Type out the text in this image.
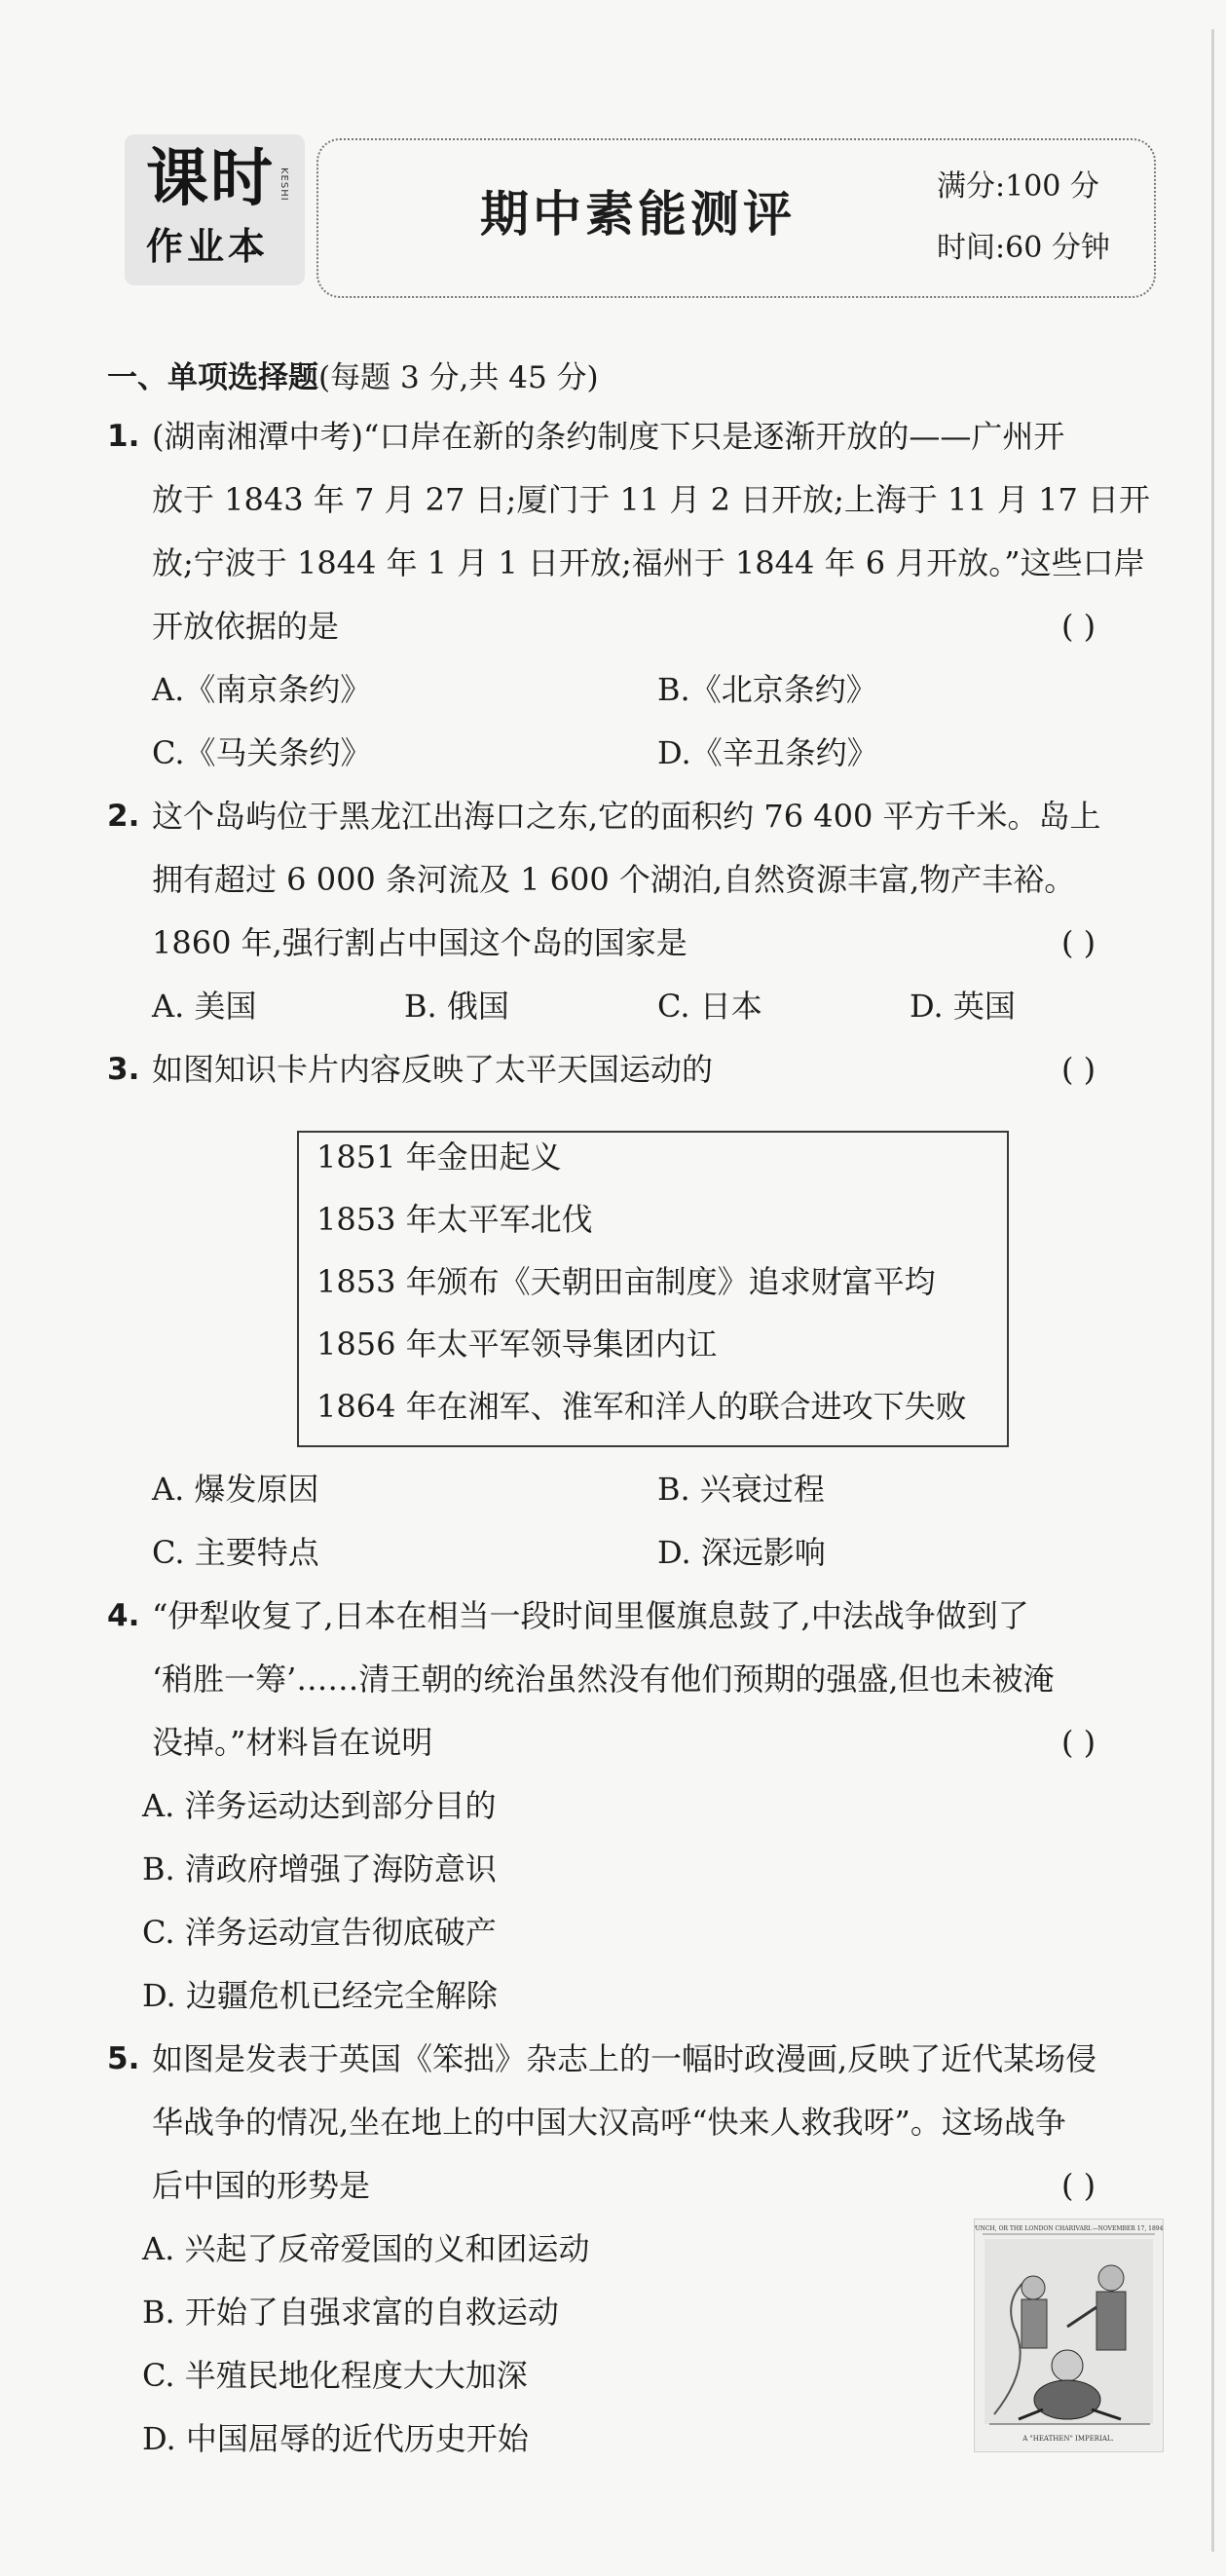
课时
作业本
KESHI
期中素能测评	满分:100 分
时间:60 分钟
一、单项选择题(每题 3 分,共 45 分)
1. (湖南湘潭中考)“口岸在新的条约制度下只是逐渐开放的——广州开
放于 1843 年 7 月 27 日;厦门于 11 月 2 日开放;上海于 11 月 17 日开
放;宁波于 1844 年 1 月 1 日开放;福州于 1844 年 6 月开放。”这些口岸
开放依据的是	( )
A.《南京条约》	B.《北京条约》
C.《马关条约》	D.《辛丑条约》
2. 这个岛屿位于黑龙江出海口之东,它的面积约 76 400 平方千米。岛上
拥有超过 6 000 条河流及 1 600 个湖泊,自然资源丰富,物产丰裕。
1860 年,强行割占中国这个岛的国家是	( )
A. 美国	B. 俄国	C. 日本	D. 英国
3. 如图知识卡片内容反映了太平天国运动的	( )
1851 年金田起义
1853 年太平军北伐
1853 年颁布《天朝田亩制度》追求财富平均
1856 年太平军领导集团内讧
1864 年在湘军、淮军和洋人的联合进攻下失败
A. 爆发原因	B. 兴衰过程
C. 主要特点	D. 深远影响
4. “伊犁收复了,日本在相当一段时间里偃旗息鼓了,中法战争做到了
‘稍胜一筹’……清王朝的统治虽然没有他们预期的强盛,但也未被淹
没掉。”材料旨在说明	( )
A. 洋务运动达到部分目的
B. 清政府增强了海防意识
C. 洋务运动宣告彻底破产
D. 边疆危机已经完全解除
5. 如图是发表于英国《笨拙》杂志上的一幅时政漫画,反映了近代某场侵
华战争的情况,坐在地上的中国大汉高呼“快来人救我呀”。这场战争
后中国的形势是	( )
A. 兴起了反帝爱国的义和团运动
B. 开始了自强求富的自救运动
C. 半殖民地化程度大大加深
D. 中国屈辱的近代历史开始
PUNCH, OR THE LONDON CHARIVARI.—NOVEMBER 17, 1894.
A "HEATHEN" IMPERIAL.
